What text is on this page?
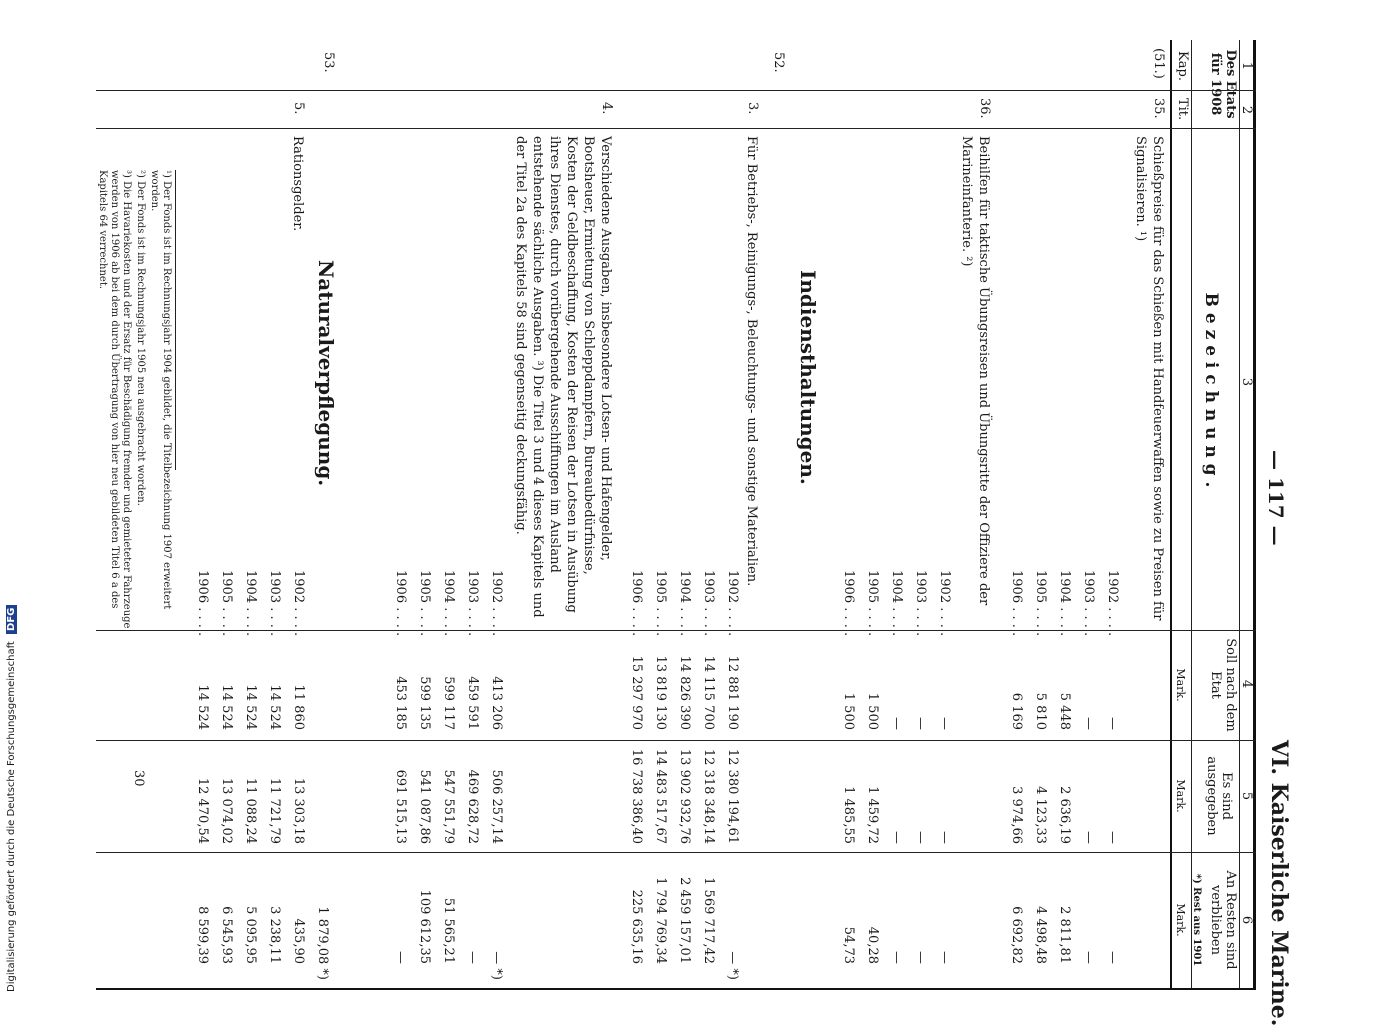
Digitalisierung gefördert durch die Deutsche Forschungsgemeinschaft DFG
— 117 —
VI. Kaiserliche Marine.
1
2
3
4
5
6
Des Etats für 1908
Kap.
Tit.
B e z e i c h n u n g .
Soll nach dem Etat
Mark.
Es sind ausgegeben
Mark.
An Resten sind verblieben
*) Rest aus 1901
Mark.
(51.)
35.
Schießpreise für das Schießen mit Handfeuerwaffen sowie zu Preisen für Signalisieren. ¹)
1902 . . . .
1903 . . . .
1904 . . . .
1905 . . . .
1906 . . . .
—
—
5 448
5 810
6 169
—
—
2 636,19
4 123,33
3 974,66
—
—
2 811,81
4 498,48
6 692,82
36.
Beihilfen für taktische Übungsreisen und Übungsritte der Offiziere der Marineinfanterie. ²)
1902 . . . .
1903 . . . .
1904 . . . .
1905 . . . .
1906 . . . .
—
—
—
1 500
1 500
—
—
—
1 459,72
1 485,55
—
—
—
40,28
54,73
Indiensthaltungen.
52.
3.
Für Betriebs-, Reinigungs-, Beleuchtungs- und sonstige Materialien.
1902 . . . .
1903 . . . .
1904 . . . .
1905 . . . .
1906 . . . .
12 881 190
14 115 700
14 826 390
13 819 130
15 297 970
12 380 194,61
12 318 348,14
13 902 932,76
14 483 517,67
16 738 386,40
— *)
1 569 717,42
2 459 157,01
1 794 769,34
225 635,16
4.
Verschiedene Ausgaben, insbesondere Lotsen- und Hafengelder, Bootsheuer, Ermietung von Schleppdampfern, Bureaubedürfnisse, Kosten der Geldbeschaffung, Kosten der Reisen der Lotsen in Ausübung ihres Dienstes, durch vorübergehende Ausschiffungen im Ausland entstehende sächliche Ausgaben. ³) Die Titel 3 und 4 dieses Kapitels und der Titel 2a des Kapitels 58 sind gegenseitig deckungsfähig.
1902 . . . .
1903 . . . .
1904 . . . .
1905 . . . .
1906 . . . .
413 206
459 591
599 117
599 135
453 185
506 257,14
469 628,72
547 551,79
541 087,86
691 515,13
— *)
—
51 565,21
109 612,35
—
Naturalverpflegung.
53.
5.
Rationsgelder.
1902 . . . .
1903 . . . .
1904 . . . .
1905 . . . .
1906 . . . .
11 860
14 524
14 524
14 524
14 524
13 303,18
11 721,79
11 088,24
13 074,02
12 470,54
1 879,08 *)
435,90
3 238,11
5 095,95
6 545,93
8 599,39
¹) Der Fonds ist im Rechnungsjahr 1904 gebildet, die Titelbezeichnung 1907 erweitert worden.
²) Der Fonds ist im Rechnungsjahr 1905 neu ausgebracht worden.
³) Die Havariekosten und der Ersatz für Beschädigung fremder und gemieteter Fahrzeuge werden von 1906 ab bei dem durch Übertragung von hier neu gebildeten Titel 6 a des Kapitels 64 verrechnet.
30
